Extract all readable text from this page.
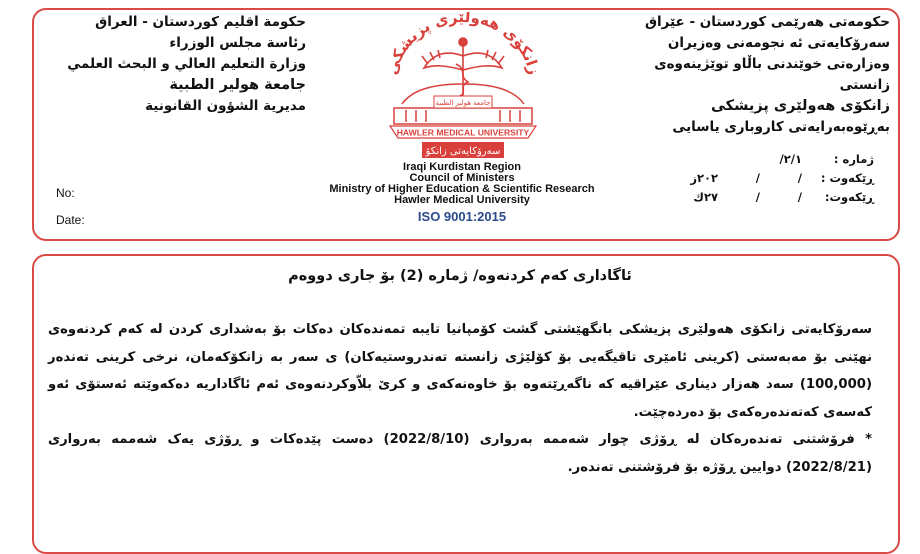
حکومەتی هەرێمی کوردستان - عێراق
سەرۆکایەتی ئە نجومەنی وەزیران
وەزارەتی خوێندنی باڵاو توێژینەوەی زانستی
زانکۆی هەولێری پزیشکی
بەڕێوەبەرایەتی کاروباری یاسایی
حكومة اقليم كوردستان - العراق
رئاسة مجلس الوزراء
وزارة التعليم العالي و البحث العلمي
جامعة هولير الطبية
مديرية الشؤون القانونية
زانكۆی هەولێری پزیشكی
جامعة هولير الطبية
HAWLER MEDICAL UNIVERSITY
سەرۆكايەتی زانكۆ
Iraqi Kurdistan Region
Council of Ministers
Ministry of Higher Education & Scientific Research
Hawler Medical University
ISO 9001:2015
No:
Date:
ژمارە :
٢/١/
ڕێکەوت :
//٢٠٢ز
ڕێکەوت:
//٢٧ك
ئاگاداری کەم کردنەوە/ ژمارە (2) بۆ جاری دووەم

سەرۆکایەتی زانکۆی هەولێری پزیشکی بانگهێشتی گشت کۆمپانیا تایبە تمەندەکان دەکات بۆ بەشداری کردن لە کەم کردنەوەی نهێنی بۆ مەبەستی (کرینی ئامێری تاقیگەیی بۆ کۆلێژی زانستە تەندروستیەکان) ی سەر بە زانکۆکەمان، نرخی کرینی تەندەر (100,000) سەد هەزار دیناری عێراقیە کە ناگەڕێتەوە بۆ خاوەنەکەی و کرێ بلاّوکردنەوەی ئەم ئاگاداریە دەکەوێتە ئەستۆی ئەو کەسەی کەتەندەرەکەی بۆ دەردەچێت.

* فرۆشتنی تەندەرەکان لە ڕۆژی چوار شەممە بەرواری (2022/8/10) دەست پێدەکات و ڕۆژی یەک شەممە بەرواری (2022/8/21) دوایین ڕۆژە بۆ فرۆشتنی تەندەر.
